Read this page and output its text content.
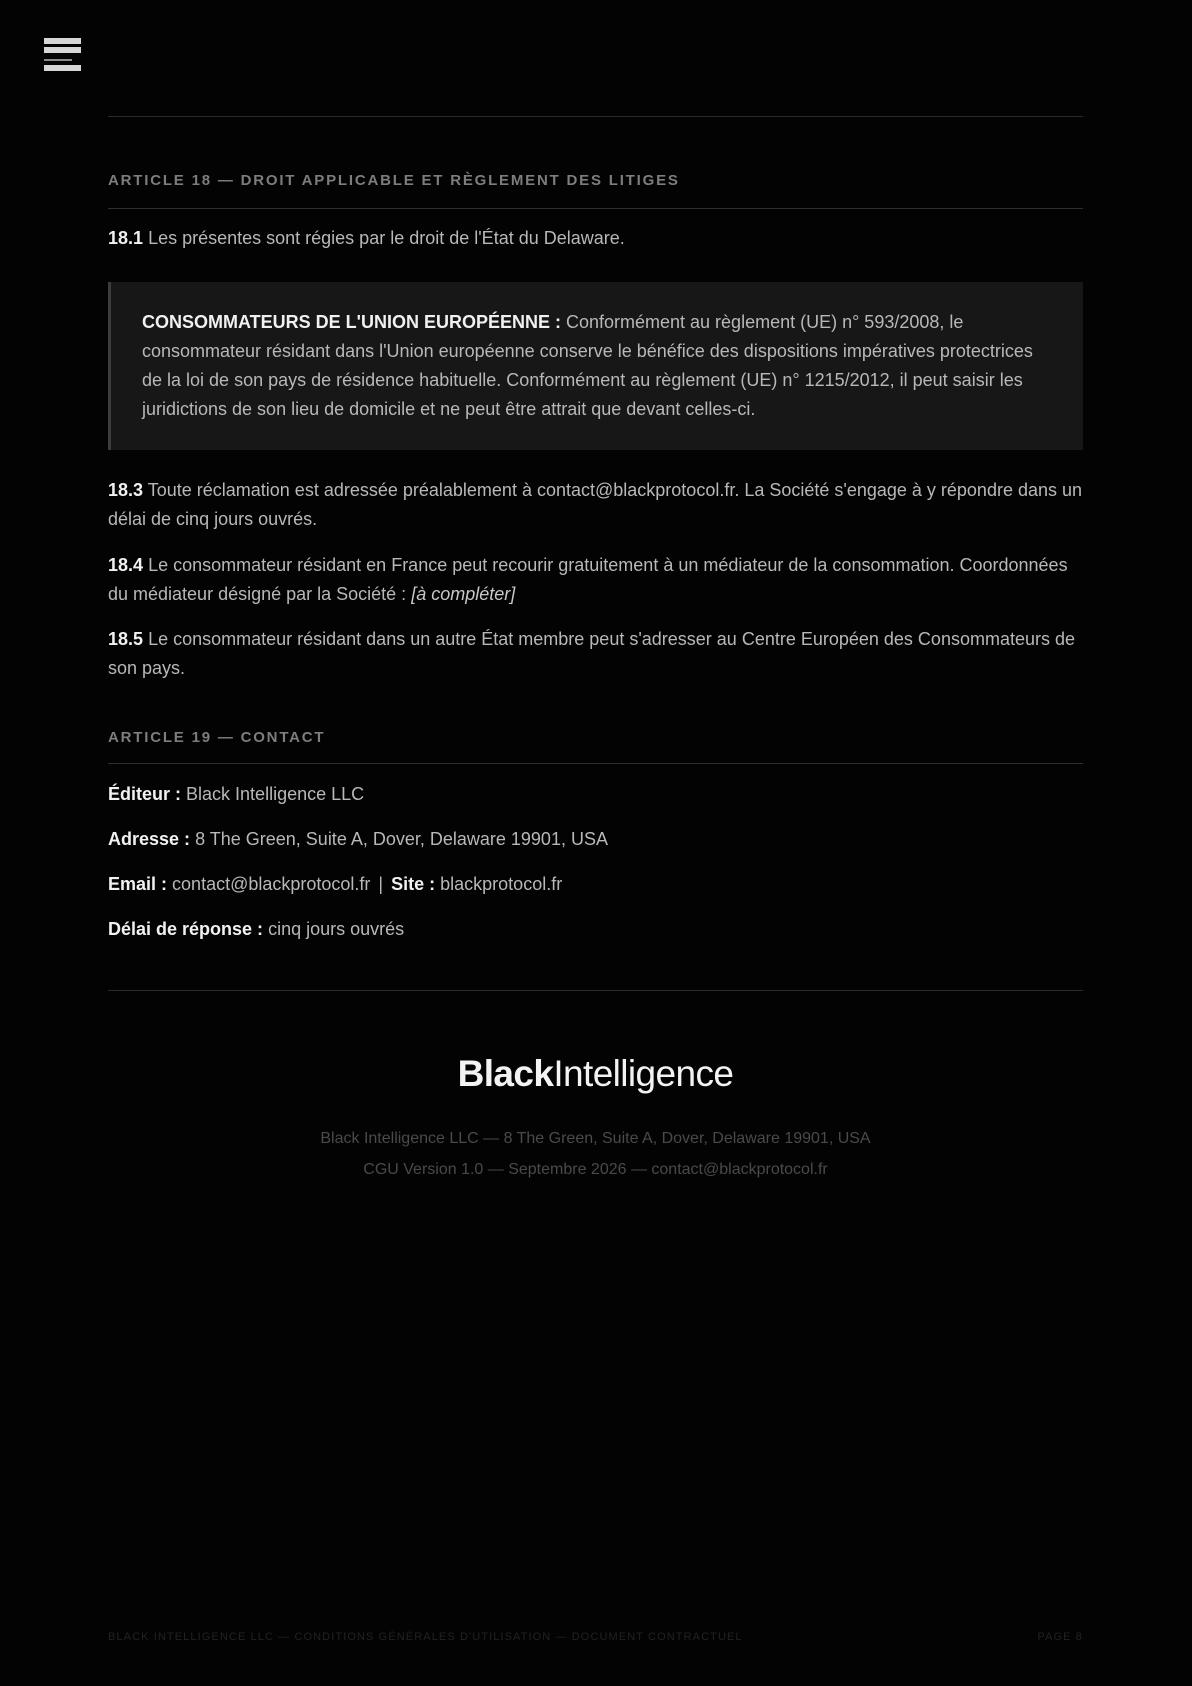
ARTICLE 18 — DROIT APPLICABLE ET RÈGLEMENT DES LITIGES
18.1 Les présentes sont régies par le droit de l'État du Delaware.
CONSOMMATEURS DE L'UNION EUROPÉENNE : Conformément au règlement (UE) n° 593/2008, le consommateur résidant dans l'Union européenne conserve le bénéfice des dispositions impératives protectrices de la loi de son pays de résidence habituelle. Conformément au règlement (UE) n° 1215/2012, il peut saisir les juridictions de son lieu de domicile et ne peut être attrait que devant celles-ci.
18.3 Toute réclamation est adressée préalablement à contact@blackprotocol.fr. La Société s'engage à y répondre dans un délai de cinq jours ouvrés.
18.4 Le consommateur résidant en France peut recourir gratuitement à un médiateur de la consommation. Coordonnées du médiateur désigné par la Société : [à compléter]
18.5 Le consommateur résidant dans un autre État membre peut s'adresser au Centre Européen des Consommateurs de son pays.
ARTICLE 19 — CONTACT
Éditeur : Black Intelligence LLC
Adresse : 8 The Green, Suite A, Dover, Delaware 19901, USA
Email : contact@blackprotocol.fr | Site : blackprotocol.fr
Délai de réponse : cinq jours ouvrés
BlackIntelligence
Black Intelligence LLC — 8 The Green, Suite A, Dover, Delaware 19901, USA
CGU Version 1.0 — Septembre 2026 — contact@blackprotocol.fr
BLACK INTELLIGENCE LLC — CONDITIONS GÉNÉRALES D'UTILISATION — DOCUMENT CONTRACTUEL	PAGE 8
